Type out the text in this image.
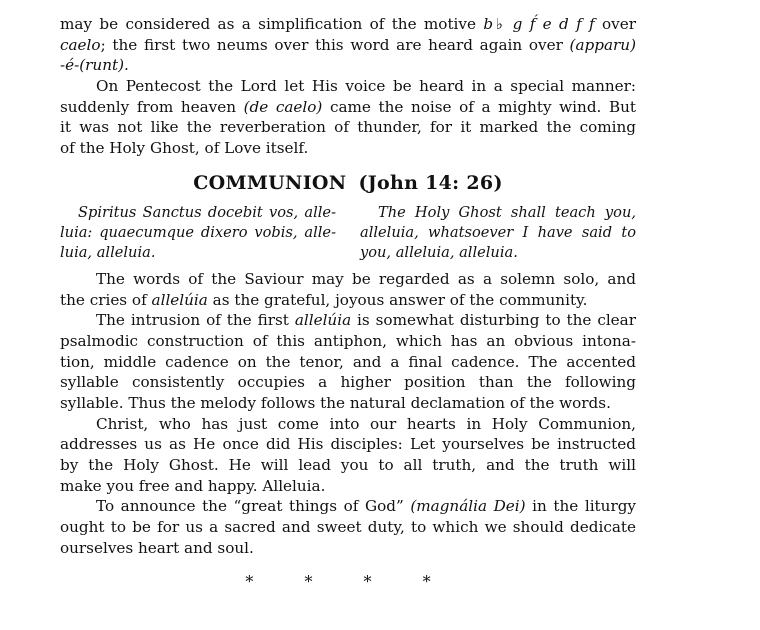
may be considered as a simplification of the motive b♭ g f́ e d f f over
caelo; the first two neums over this word are heard again over (apparu)
-é-(runt).
On Pentecost the Lord let His voice be heard in a special manner:
suddenly from heaven (de caelo) came the noise of a mighty wind. But
it was not like the reverberation of thunder, for it marked the coming
of the Holy Ghost, of Love itself.
COMMUNION (John 14: 26)
Spiritus Sanctus docebit vos, alle-
luia: quaecumque dixero vobis, alle-
luia, alleluia.
The Holy Ghost shall teach you,
alleluia, whatsoever I have said to
you, alleluia, alleluia.
The words of the Saviour may be regarded as a solemn solo, and
the cries of allelúia as the grateful, joyous answer of the community.
The intrusion of the first allelúia is somewhat disturbing to the clear
psalmodic construction of this antiphon, which has an obvious intona-
tion, middle cadence on the tenor, and a final cadence. The accented
syllable consistently occupies a higher position than the following
syllable. Thus the melody follows the natural declamation of the words.
Christ, who has just come into our hearts in Holy Communion,
addresses us as He once did His disciples: Let yourselves be instructed
by the Holy Ghost. He will lead you to all truth, and the truth will
make you free and happy. Alleluia.
To announce the “great things of God” (magnália Dei) in the liturgy
ought to be for us a sacred and sweet duty, to which we should dedicate
ourselves heart and soul.
* * * *
